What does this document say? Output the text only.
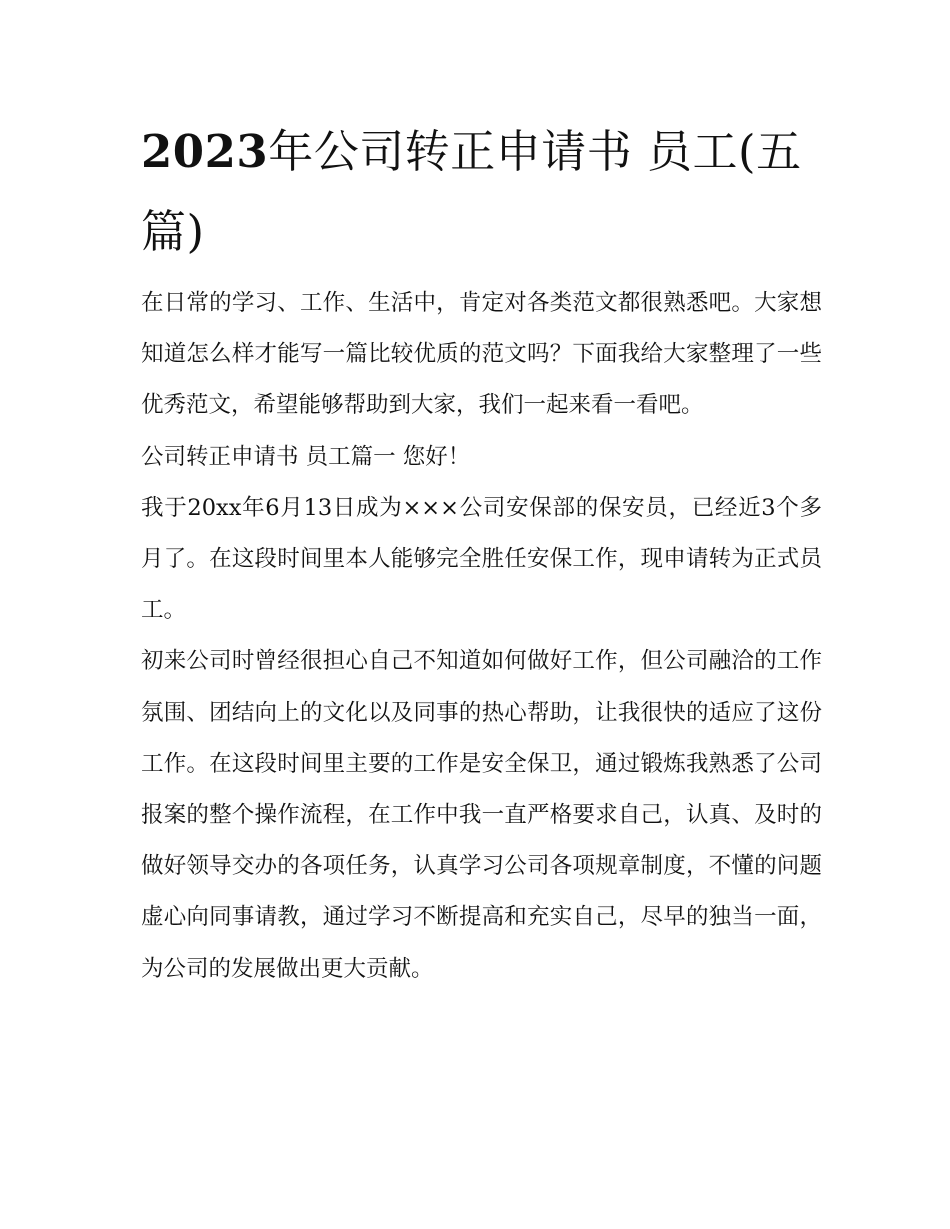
2023年公司转正申请书 员工(五篇)

在日常的学习、工作、生活中，肯定对各类范文都很熟悉吧。大家想知道怎么样才能写一篇比较优质的范文吗？下面我给大家整理了一些优秀范文，希望能够帮助到大家，我们一起来看一看吧。

公司转正申请书 员工篇一 您好！

我于20xx年6月13日成为×××公司安保部的保安员，已经近3个多月了。在这段时间里本人能够完全胜任安保工作，现申请转为正式员工。

初来公司时曾经很担心自己不知道如何做好工作，但公司融洽的工作氛围、团结向上的文化以及同事的热心帮助，让我很快的适应了这份工作。在这段时间里主要的工作是安全保卫，通过锻炼我熟悉了公司报案的整个操作流程，在工作中我一直严格要求自己，认真、及时的做好领导交办的各项任务，认真学习公司各项规章制度，不懂的问题虚心向同事请教，通过学习不断提高和充实自己，尽早的独当一面，为公司的发展做出更大贡献。
